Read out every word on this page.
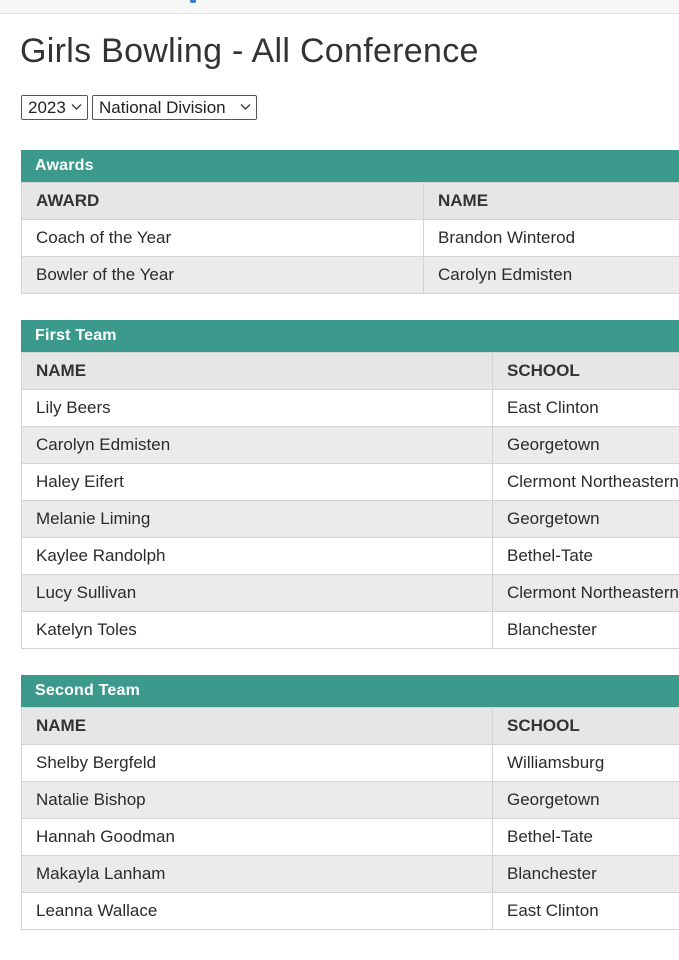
Girls Bowling - All Conference
2023 National Division
Awards
AWARD	NAME
Coach of the Year	Brandon Winterod
Bowler of the Year	Carolyn Edmisten
First Team
NAME	SCHOOL
Lily Beers	East Clinton
Carolyn Edmisten	Georgetown
Haley Eifert	Clermont Northeastern
Melanie Liming	Georgetown
Kaylee Randolph	Bethel-Tate
Lucy Sullivan	Clermont Northeastern
Katelyn Toles	Blanchester
Second Team
NAME	SCHOOL
Shelby Bergfeld	Williamsburg
Natalie Bishop	Georgetown
Hannah Goodman	Bethel-Tate
Makayla Lanham	Blanchester
Leanna Wallace	East Clinton
